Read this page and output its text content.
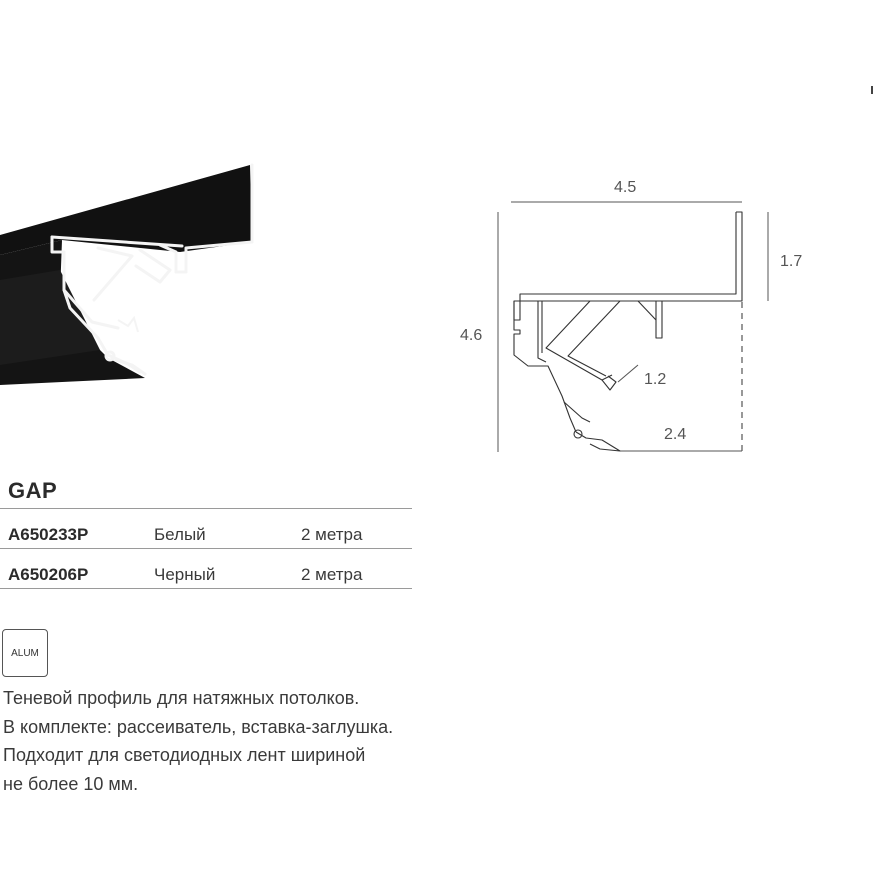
4.5
4.6
1.7
1.2
2.4
GAP
A650233P	Белый	2 метра
A650206P	Черный	2 метра
ALUM
Теневой профиль для натяжных потолков.
В комплекте: рассеиватель, вставка-заглушка.
Подходит для светодиодных лент шириной
не более 10 мм.
